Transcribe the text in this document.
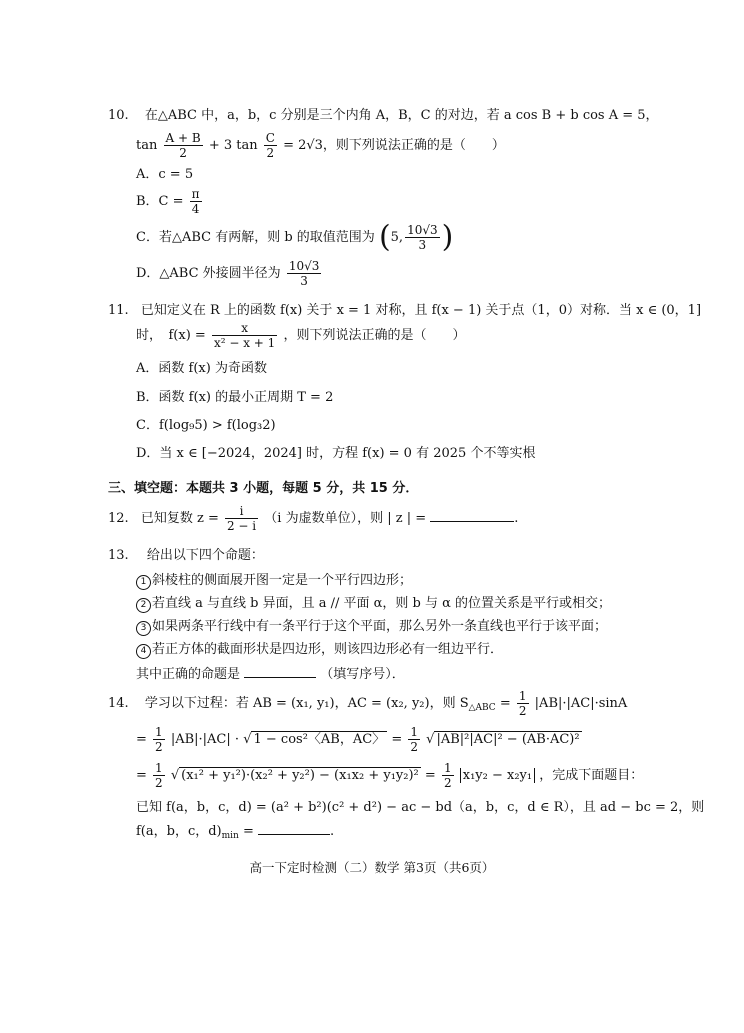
10. 在△ABC 中，a，b，c 分别是三个内角 A，B，C 的对边，若 a cos B + b cos A = 5，
$\tan \frac{A + B}{2} + 3$ $\tan \frac{C}{2} = 2√3$，则下列说法正确的是（　　）
A．c = 5
B．$C = \frac{\pi}{4}$
C．若△ABC 有两解，则 b 的取值范围为 (5, $\frac{10√3}{3}$ )
D．△ABC 外接圆半径为 $\frac{10√3}{3}$
11. 已知定义在 R 上的函数 f(x) 关于 x = 1 对称，且 f(x − 1) 关于点（1，0）对称．当 x ∈ (0，1]
时，　$f(x) = \frac{x}{\text{x² − x + 1}}$ ，则下列说法正确的是（　　）
A．函数 f(x) 为奇函数
B．函数 f(x) 的最小正周期 T = 2
C．f(log₉5) > f(log₃2)
D．当 x ∈ [−2024，2024] 时，方程 f(x) = 0 有 2025 个不等实根
三、填空题：本题共 3 小题，每题 5 分，共 15 分．
12. 已知复数 $z = \frac{i}{2 - i} (i$ 为虚数单位），则 | z | =	.
13. 给出以下四个命题：
1 斜棱柱的侧面展开图一定是一个平行四边形；
2 若直线 a 与直线 b 异面，且 a // 平面 α，则 b 与 α 的位置关系是平行或相交；
3 如果两条平行线中有一条平行于这个平面，那么另外一条直线也平行于该平面；
4 若正方体的截面形状是四边形，则该四边形必有一组边平行．
其中正确的命题是	（填写序号）．
14. 学习以下过程：若 AB = (x₁, y₁)，AC = (x₂, y₂)，则 $S_{\triangle ABC} = \frac{1}{2} |AB|\cdot|AC|\cdot\sin A$
= $\frac{1}{2} |AB|\cdot|AC|$ · √ 1 − cos²〈AB，AC〉 = $\frac{1}{2}$ √ |AB|²|AC|² − (AB·AC)²
= $\frac{1}{2}$ √ $(x_1^2 + y_1^2)\cdot(x_2^2 + y_2^2) - (x_1x_2 + y_1y_2)^2 = \frac{1}{2} x_1y_2 - x_2y_1$ ，完成下面题目：
已知 f(a，b，c，d) = (a² + b²)(c² + d²) − ac − bd（a，b，c，d ∈ R），且 ad − bc = 2，则
f(a，b，c，$d)_{min}$ =	.
高一下定时检测（二）数学 第3页（共6页）
